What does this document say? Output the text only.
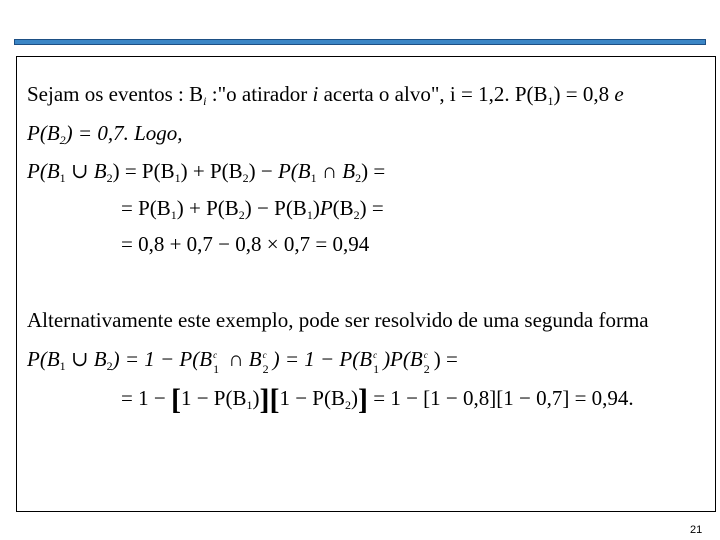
Sejam os eventos : $B_i$ :"o atirador i acerta o alvo", i = 1,2. $P(B_1) = 0,8$ e
$P(B_2) = 0,7$. Logo,
$P(B_1$ ∪ $B_2) = P(B_1) + P(B_2) - P(B_1$ ∩ $B_2$) =
= $P(B_1) + P(B_2) - P(B_1)P(B_2)$ =
= 0,8 + 0,7 − 0,8 × 0,7 = 0,94
Alternativamente este exemplo, pode ser resolvido de uma segunda forma
$P(B_1$ ∪ $B_2) = 1 - P(B$ c
1 ∩ B c
2 ) = 1 − P(B c
1 )P(B c
2 ) =
= $1 - [1 - P(B_1)][1 - P(B_2)] = 1 - [1 - 0,8][1 - 0,7] = 0,94$.
21
